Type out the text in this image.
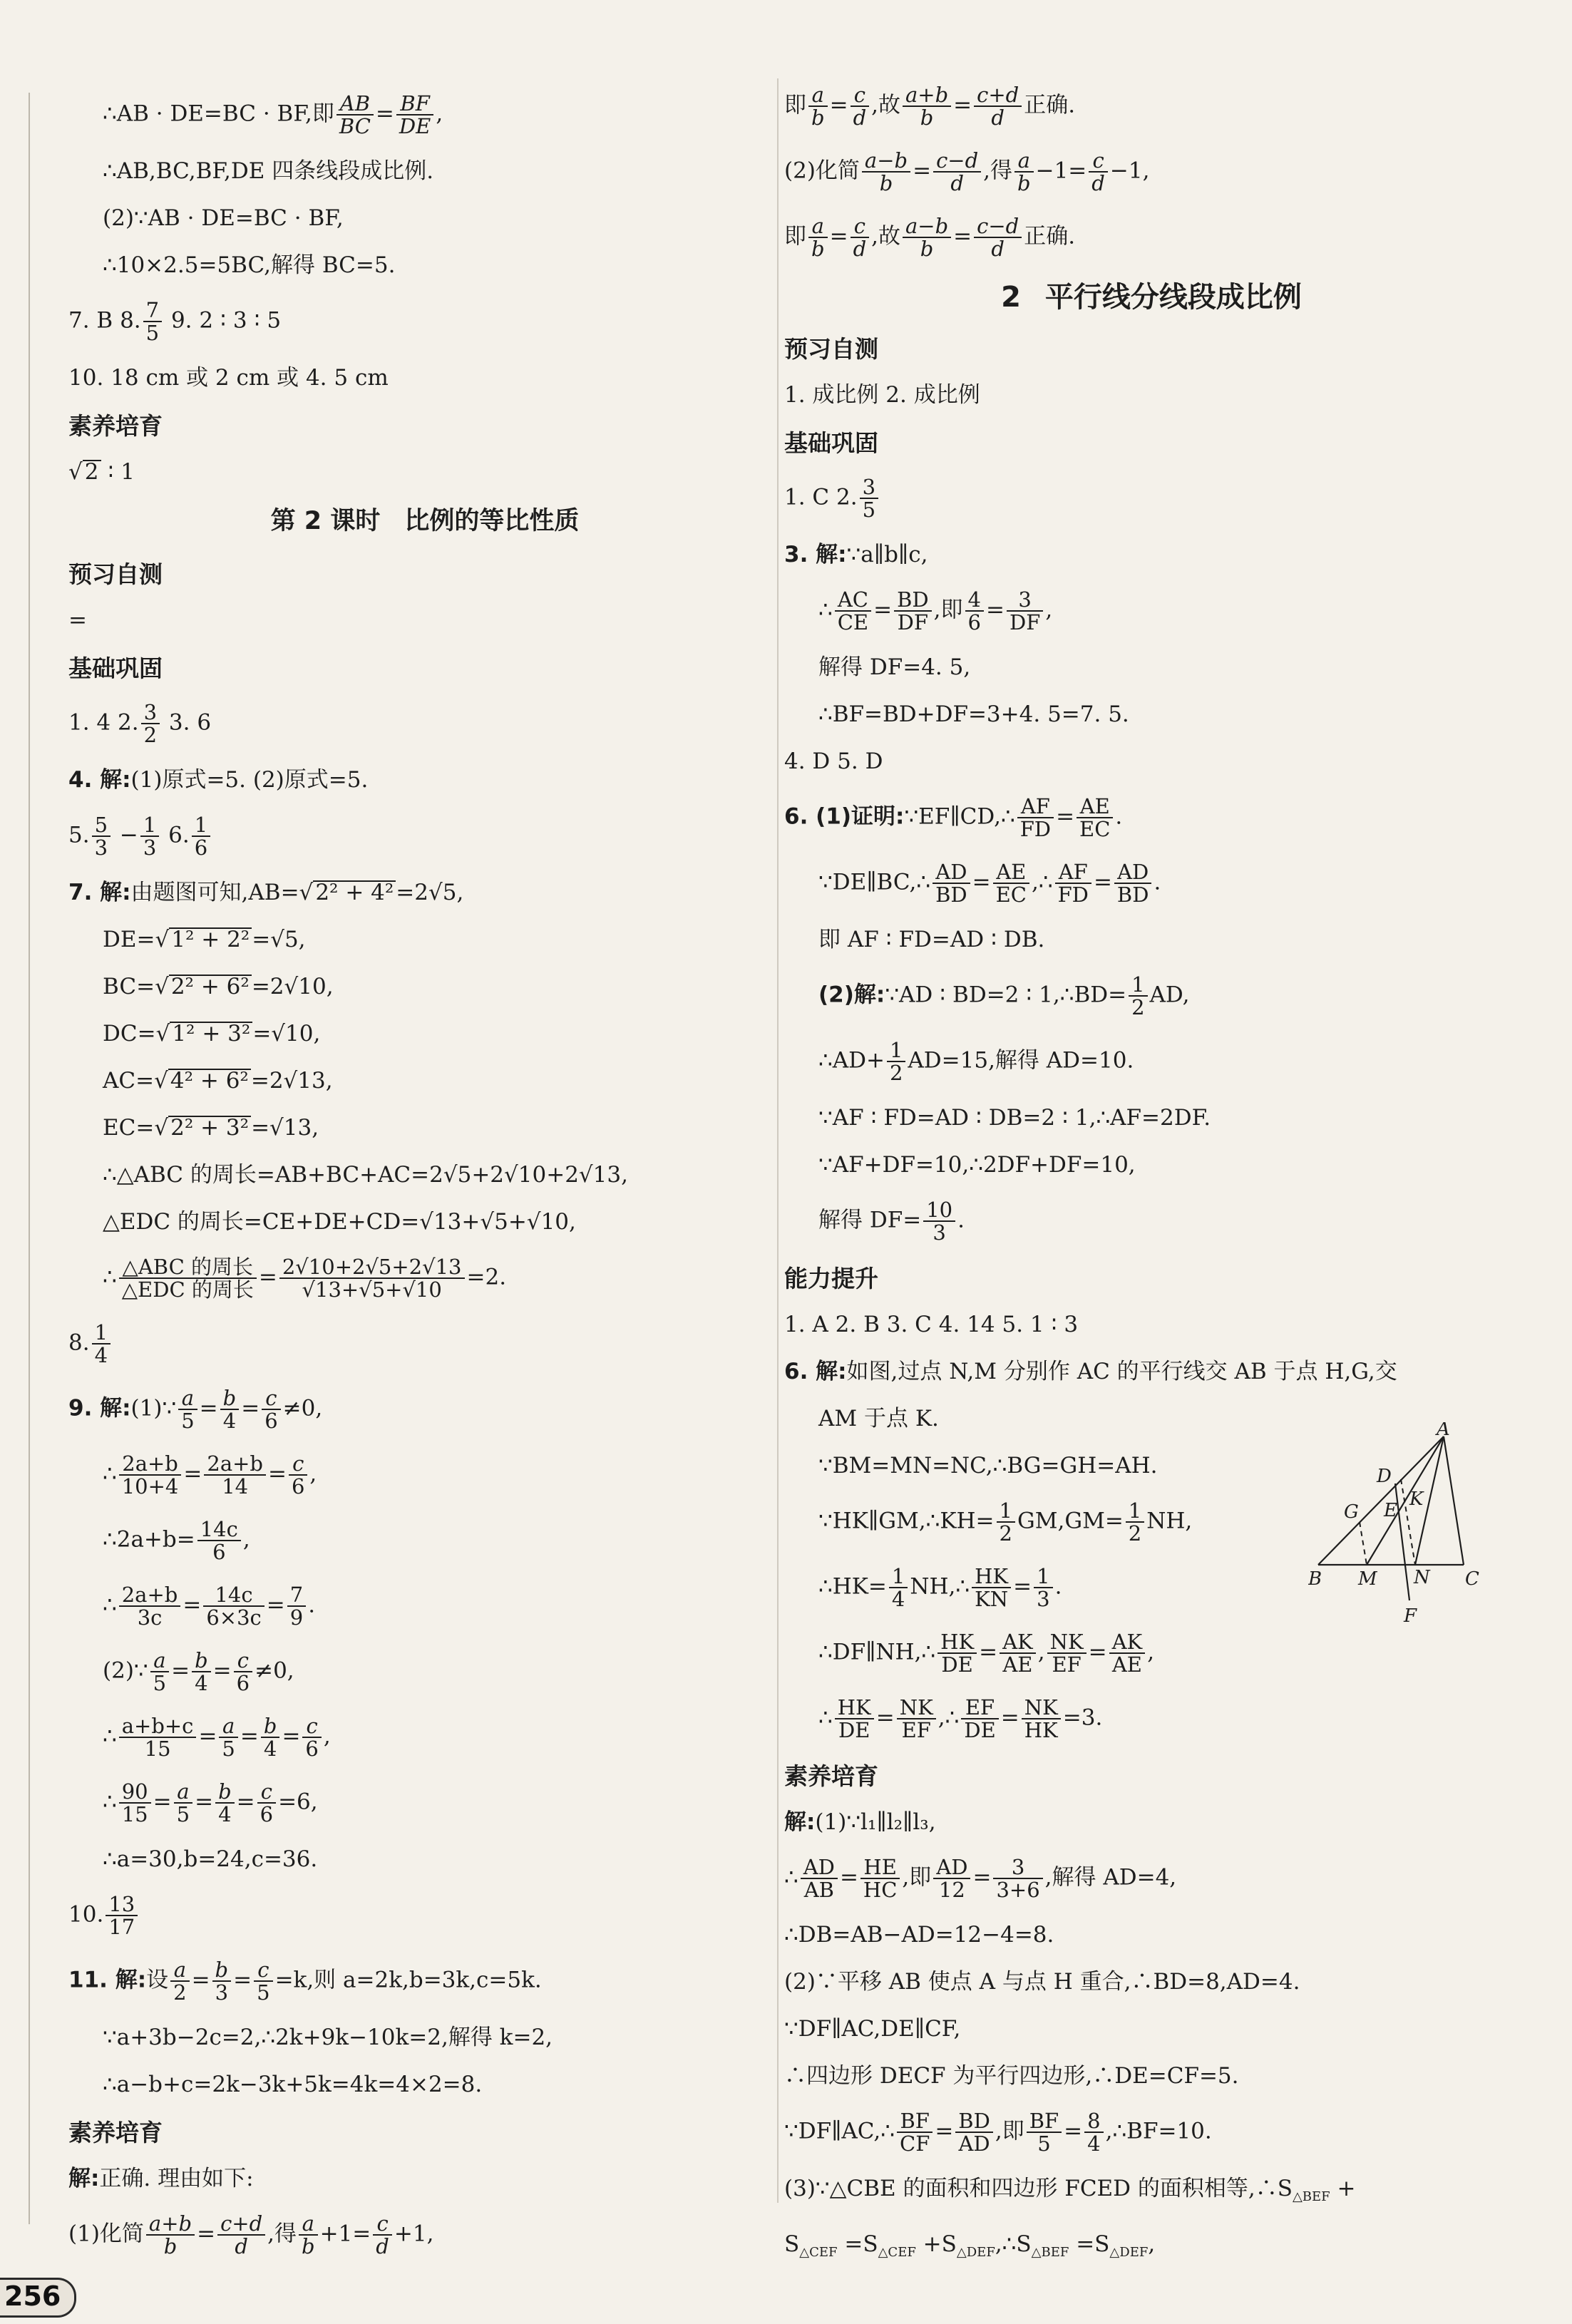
∴AB · DE=BC · BF,即 $\frac{AB}{BC} = \frac{BF}{DE}$ ,
∴AB,BC,BF,DE 四条线段成比例.
(2)∵AB · DE=BC · BF,
∴10×2.5=5BC,解得 BC=5.
7. B 8. $\frac{7}{5} 9$. 2 ∶ 3 ∶ 5
10. 18 cm 或 2 cm 或 4. 5 cm
素养培育
√2 ∶ 1
第 2 课时 比例的等比性质
预习自测
=
基础巩固
1. 4 2. $\frac{3}{2} 3$. 6
4. 解:(1)原式=5. (2)原式=5.
5. $\frac{5}{3} - \frac{1}{3} 6$. $\frac{1}{6}$
7. 解:由题图可知,AB=√2² + 4²=2√5,
DE=√1² + 2²=√5,
BC=√2² + 6²=2√10,
DC=√1² + 3²=√10,
AC=√4² + 6²=2√13,
EC=√2² + 3²=√13,
∴△ABC 的周长=AB+BC+AC=2√5+2√10+2√13,
△EDC 的周长=CE+DE+CD=√13+√5+√10,
∴ $\frac{\text{△ABC 的周长}}{\text{△EDC 的周长}} = \frac{2√10+2√5+2√13}{√13+√5+√10} =2$.
8. $\frac{1}{4}$
9. 解:(1)∵ $\frac{a}{5} = \frac{b}{4} = \frac{c}{6} \ne 0$,
∴ $\frac{2a+b}{10+4} = \frac{2a+b}{14} = \frac{c}{6}$ ,
∴2a+b= $\frac{14c}{6}$ ,
∴ $\frac{2a+b}{3c} = \frac{14c}{6\times 3c} = \frac{7}{9}$ .
(2)∵ $\frac{a}{5} = \frac{b}{4} = \frac{c}{6} \ne 0$,
∴ $\frac{a+b+c}{15} = \frac{a}{5} = \frac{b}{4} = \frac{c}{6}$ ,
∴ $\frac{90}{15} = \frac{a}{5} = \frac{b}{4} = \frac{c}{6} =6$,
∴a=30,b=24,c=36.
10. $\frac{13}{17}$
11. 解:设 $\frac{a}{2} = \frac{b}{3} = \frac{c}{5} =k$,则 a=2k,b=3k,c=5k.
∵a+3b−2c=2,∴2k+9k−10k=2,解得 k=2,
∴a−b+c=2k−3k+5k=4k=4×2=8.
素养培育
解:正确. 理由如下:
(1)化简 $\frac{a+b}{b} = \frac{c+d}{d}$ ,得 $\frac{a}{b} +1= \frac{c}{d} +1$,
即 $\frac{a}{b} = \frac{c}{d}$ ,故 $\frac{a+b}{b} = \frac{c+d}{d}$ 正确.
(2)化简 $\frac{a-b}{b} = \frac{c-d}{d}$ ,得 $\frac{a}{b} -1= \frac{c}{d} -1$,
即 $\frac{a}{b} = \frac{c}{d}$ ,故 $\frac{a-b}{b} = \frac{c-d}{d}$ 正确.
2 平行线分线段成比例
预习自测
1. 成比例 2. 成比例
基础巩固
1. C 2. $\frac{3}{5}$
3. 解:∵a∥b∥c,
∴ $\frac{AC}{CE} = \frac{BD}{DF}$ ,即 $\frac{4}{6} = \frac{3}{DF}$ ,
解得 DF=4. 5,
∴BF=BD+DF=3+4. 5=7. 5.
4. D 5. D
6. (1)证明:∵EF∥CD,∴ $\frac{AF}{FD} = \frac{AE}{EC}$ .
∵DE∥BC,∴ $\frac{AD}{BD} = \frac{AE}{EC}$ ,∴ $\frac{AF}{FD} = \frac{AD}{BD}$ .
即 AF ∶ FD=AD ∶ DB.
(2)解:∵AD ∶ BD=2 ∶ 1,∴BD= $\frac{1}{2}$ AD,
∴AD+ $\frac{1}{2} AD=15$,解得 AD=10.
∵AF ∶ FD=AD ∶ DB=2 ∶ 1,∴AF=2DF.
∵AF+DF=10,∴2DF+DF=10,
解得 $DF= \frac{10}{3}$ .
能力提升
1. A 2. B 3. C 4. 14 5. 1 ∶ 3
6. 解:如图,过点 N,M 分别作 AC 的平行线交 AB 于点 H,G,交
AM 于点 K.
∵BM=MN=NC,∴BG=GH=AH.
∵HK∥GM,∴KH= $\frac{1}{2} GM,GM= \frac{1}{2}$ NH,
∴HK= $\frac{1}{4}$ NH,∴ $\frac{HK}{KN} = \frac{1}{3}$ .
∴DF∥NH,∴ $\frac{HK}{DE} = \frac{AK}{AE}$ , $\frac{NK}{EF} = \frac{AK}{AE}$ ,
∴ $\frac{HK}{DE} = \frac{NK}{EF}$ ,∴ $\frac{EF}{DE} = \frac{NK}{HK} =3$.
素养培育
解:(1)∵l₁∥l₂∥l₃,
∴ $\frac{AD}{AB} = \frac{HE}{HC}$ ,即 $\frac{AD}{12} = \frac{3}{3+6}$ ,解得 AD=4,
∴DB=AB−AD=12−4=8.
(2)∵平移 AB 使点 A 与点 H 重合,∴BD=8,AD=4.
∵DF∥AC,DE∥CF,
∴四边形 DECF 为平行四边形,∴DE=CF=5.
∵DF∥AC,∴ $\frac{BF}{CF} = \frac{BD}{AD}$ ,即 $\frac{BF}{5} = \frac{8}{4}$ ,∴BF=10.
(3)∵△CBE 的面积和四边形 FCED 的面积相等$,\therefore S_{\triangle BEF}$ +
$S_{\triangle CEF} =S_{\triangle CEF}$ $+S_{\triangle DEF},\therefore S_{\triangle BEF} =S_{\triangle DEF}$,
A
D
G E
K
B M N C
F
256
